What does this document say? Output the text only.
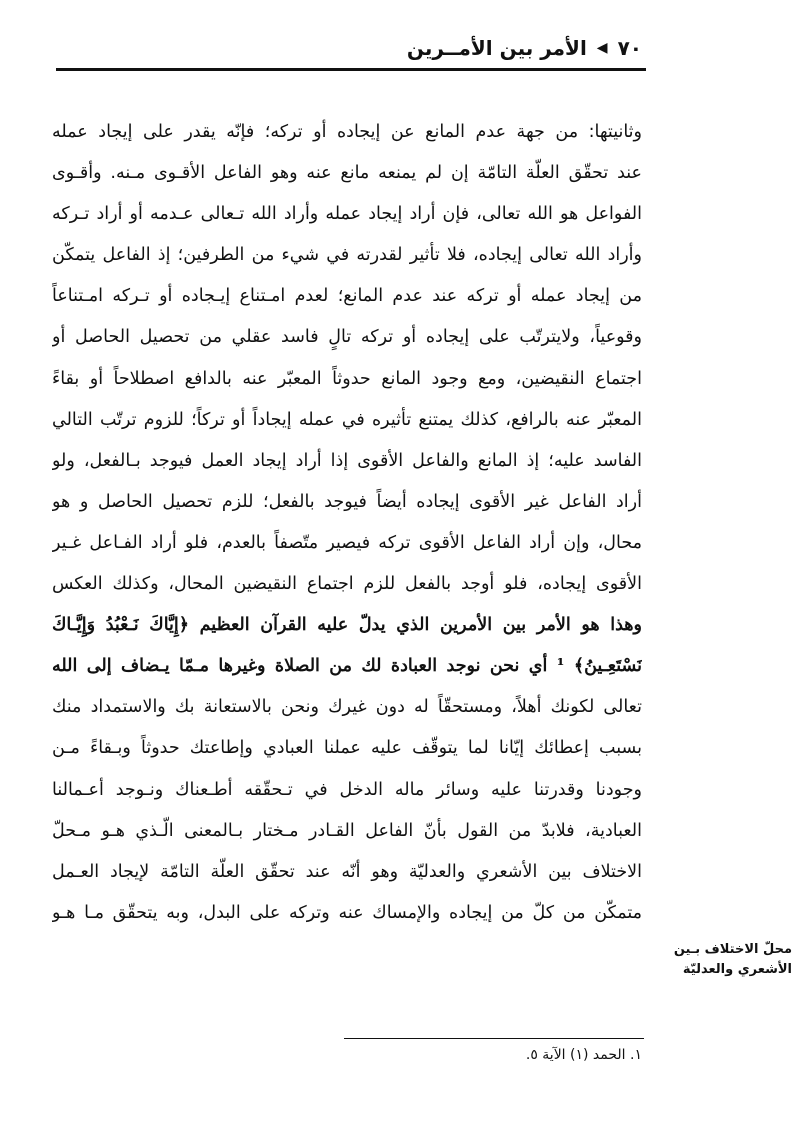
٧٠
◀
الأمر بين الأمــرين
وثانيتها: من جهة عدم المانع عن إيجاده أو تركه؛ فإنّه يقدر على إيجاد عمله
عند تحقّق العلّة التامّة إن لم يمنعه مانع عنه وهو الفاعل الأقـوى مـنه. وأقـوى
الفواعل هو الله تعالى، فإن أراد إيجاد عمله وأراد الله تـعالى عـدمه أو أراد تـركه
وأراد الله تعالى إيجاده، فلا تأثير لقدرته في شيء من الطرفين؛ إذ الفاعل يتمكّن
من إيجاد عمله أو تركه عند عدم المانع؛ لعدم امـتناع إيـجاده أو تـركه امـتناعاً
وقوعياً، ولايترتّب على إيجاده أو تركه تالٍ فاسد عقلي من تحصيل الحاصل أو
اجتماع النقيضين، ومع وجود المانع حدوثاً المعبّر عنه بالدافع اصطلاحاً أو بقاءً
المعبّر عنه بالرافع، كذلك يمتنع تأثيره في عمله إيجاداً أو تركاً؛ للزوم ترتّب التالي
الفاسد عليه؛ إذ المانع والفاعل الأقوى إذا أراد إيجاد العمل فيوجد بـالفعل، ولو
أراد الفاعل غير الأقوى إيجاده أيضاً فيوجد بالفعل؛ للزم تحصيل الحاصل و هو
محال، وإن أراد الفاعل الأقوى تركه فيصير متّصفاً بالعدم، فلو أراد الفـاعل غـير
الأقوى إيجاده، فلو أوجد بالفعل للزم اجتماع النقيضين المحال، وكذلك العكس
وهذا هو الأمر بين الأمرين الذي يدلّ عليه القرآن العظيم ﴿إِيَّاكَ نَـعْبُدُ وَإِيَّـاكَ
نَسْتَعِـينُ﴾ ¹ أي نحن نوجد العبادة لك من الصلاة وغيرها مـمّا يـضاف إلى الله
تعالى لكونك أهلاً، ومستحقّاً له دون غيرك ونحن بالاستعانة بك والاستمداد منك
بسبب إعطائك إيّانا لما يتوقّف عليه عملنا العبادي وإطاعتك حدوثاً وبـقاءً مـن
وجودنا وقدرتنا عليه وسائر ماله الدخل في تـحقّقه أطـعناك ونـوجد أعـمالنا
العبادية، فلابدّ من القول بأنّ الفاعل القـادر مـختار بـالمعنى الّـذي هـو مـحلّ
الاختلاف بين الأشعري والعدليّة وهو أنّه عند تحقّق العلّة التامّة لإيجاد العـمل
متمكّن من كلّ من إيجاده والإمساك عنه وتركه على البدل، وبه يتحقّق مـا هـو
محلّ الاختلاف بـين
الأشعري والعدليّة
١. الحمد (١) الآية ٥.
